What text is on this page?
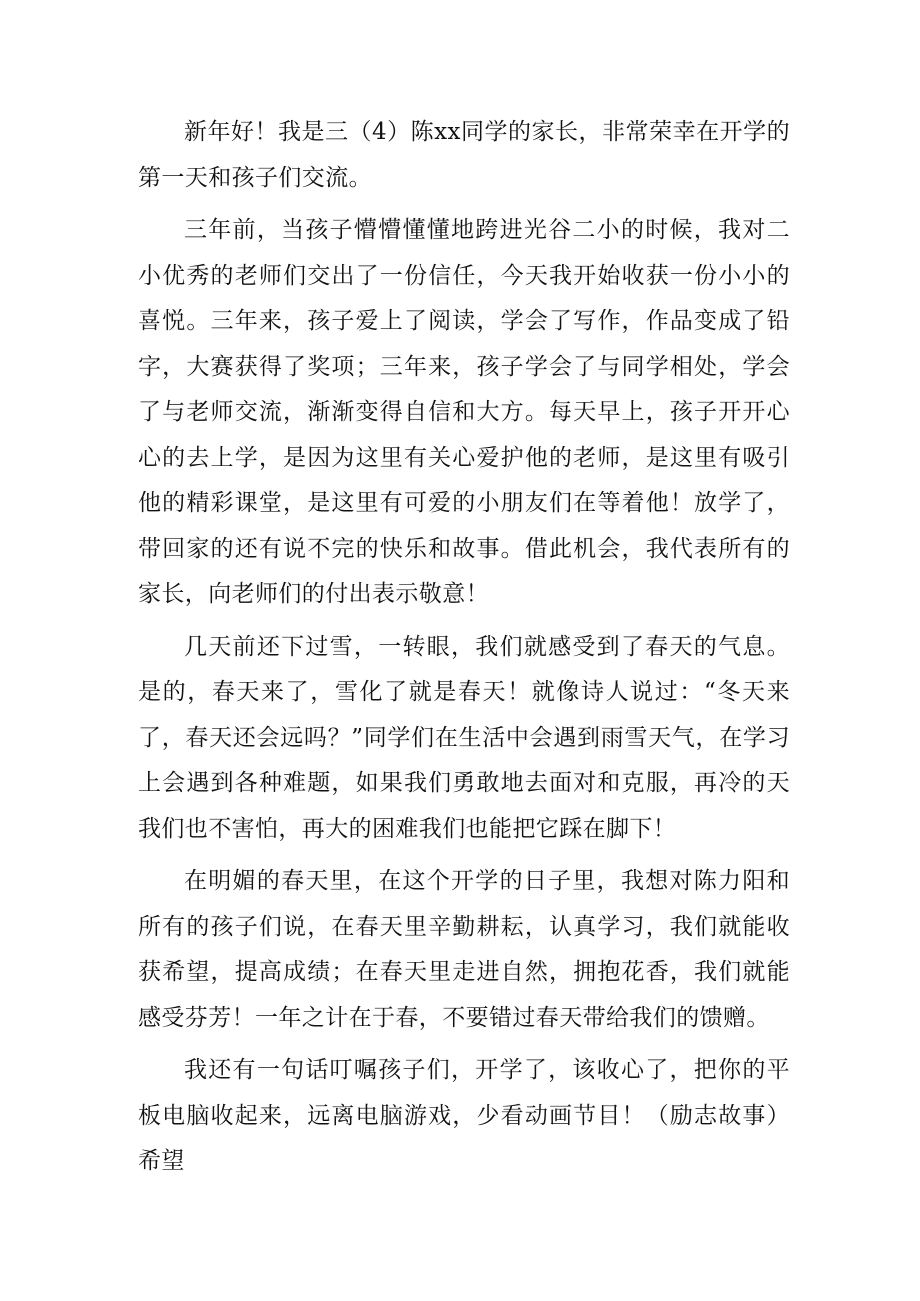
新年好！我是三（4）陈xx同学的家长，非常荣幸在开学的第一天和孩子们交流。

三年前，当孩子懵懵懂懂地跨进光谷二小的时候，我对二小优秀的老师们交出了一份信任，今天我开始收获一份小小的喜悦。三年来，孩子爱上了阅读，学会了写作，作品变成了铅字，大赛获得了奖项；三年来，孩子学会了与同学相处，学会了与老师交流，渐渐变得自信和大方。每天早上，孩子开开心心的去上学，是因为这里有关心爱护他的老师，是这里有吸引他的精彩课堂，是这里有可爱的小朋友们在等着他！放学了，带回家的还有说不完的快乐和故事。借此机会，我代表所有的家长，向老师们的付出表示敬意！

几天前还下过雪，一转眼，我们就感受到了春天的气息。是的，春天来了，雪化了就是春天！就像诗人说过：“冬天来了，春天还会远吗？”同学们在生活中会遇到雨雪天气，在学习上会遇到各种难题，如果我们勇敢地去面对和克服，再冷的天我们也不害怕，再大的困难我们也能把它踩在脚下！

在明媚的春天里，在这个开学的日子里，我想对陈力阳和所有的孩子们说，在春天里辛勤耕耘，认真学习，我们就能收获希望，提高成绩；在春天里走进自然，拥抱花香，我们就能感受芬芳！一年之计在于春，不要错过春天带给我们的馈赠。

我还有一句话叮嘱孩子们，开学了，该收心了，把你的平板电脑收起来，远离电脑游戏，少看动画节目！（励志故事）希望
